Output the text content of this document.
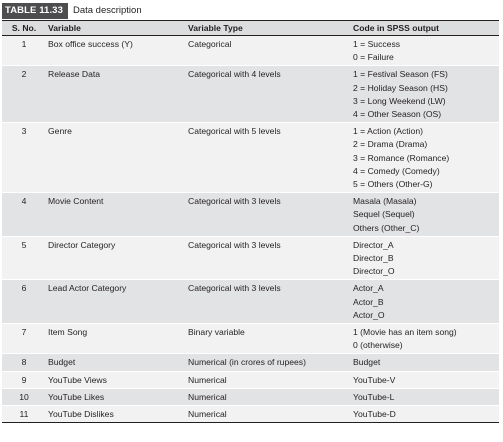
TABLE 11.33	Data description
S. No.	Variable	Variable Type	Code in SPSS output
1	Box office success (Y)	Categorical	1 = Success
0 = Failure

2	Release Data	Categorical with 4 levels	1 = Festival Season (FS)
2 = Holiday Season (HS)
3 = Long Weekend (LW)
4 = Other Season (OS)

3	Genre	Categorical with 5 levels	1 = Action (Action)
2 = Drama (Drama)
3 = Romance (Romance)
4 = Comedy (Comedy)
5 = Others (Other-G)

4	Movie Content	Categorical with 3 levels	Masala (Masala)
Sequel (Sequel)
Others (Other_C)

5	Director Category	Categorical with 3 levels	Director_A
Director_B
Director_O

6	Lead Actor Category	Categorical with 3 levels	Actor_A
Actor_B
Actor_O

7	Item Song	Binary variable	1 (Movie has an item song)
0 (otherwise)

8	Budget	Numerical (in crores of rupees)	Budget

9	YouTube Views	Numerical	YouTube-V

10	YouTube Likes	Numerical	YouTube-L

11	YouTube Dislikes	Numerical	YouTube-D
